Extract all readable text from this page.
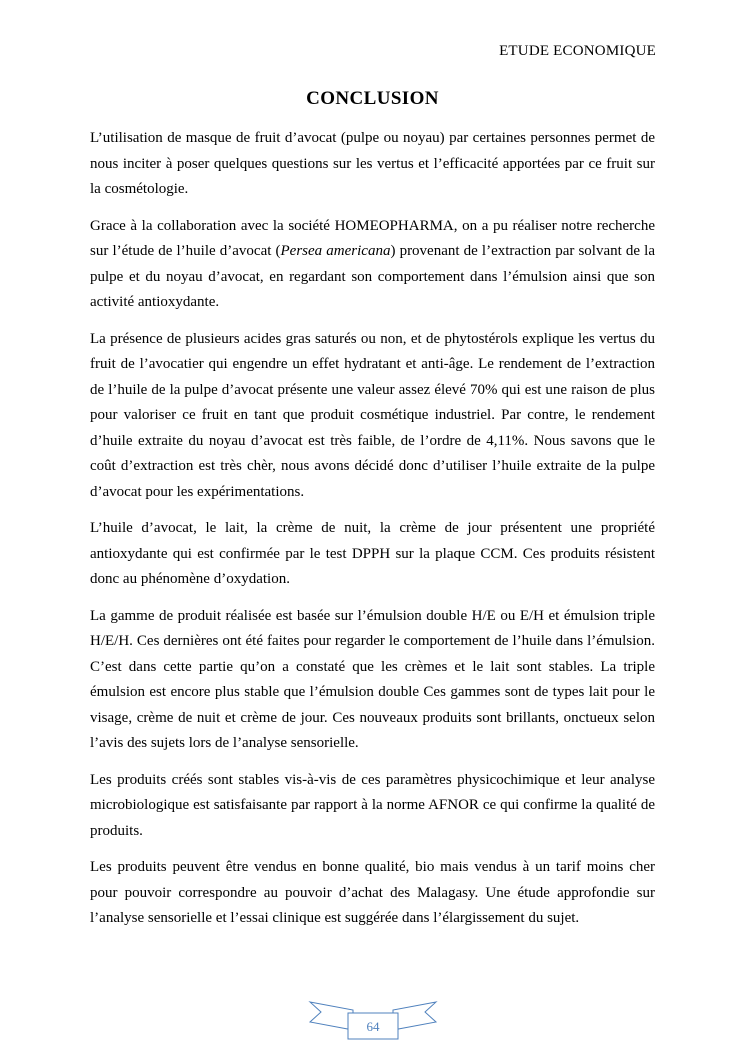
ETUDE ECONOMIQUE
CONCLUSION

L’utilisation de masque de fruit d’avocat (pulpe ou noyau) par certaines personnes permet de nous inciter à poser quelques questions sur les vertus et l’efficacité apportées par ce fruit sur la cosmétologie.

Grace à la collaboration avec la société HOMEOPHARMA, on a pu réaliser notre recherche sur l’étude de l’huile d’avocat (Persea americana) provenant de l’extraction par solvant de la pulpe et du noyau d’avocat, en regardant son comportement dans l’émulsion ainsi que son activité antioxydante.

La présence de plusieurs acides gras saturés ou non, et de phytostérols explique les vertus du fruit de l’avocatier qui engendre un effet hydratant et anti-âge. Le rendement de l’extraction de l’huile de la pulpe d’avocat présente une valeur assez élevé 70% qui est une raison de plus pour valoriser ce fruit en tant que produit cosmétique industriel. Par contre, le rendement d’huile extraite du noyau d’avocat est très faible, de l’ordre de 4,11%. Nous savons que le coût d’extraction est très chèr, nous avons décidé donc d’utiliser l’huile extraite de la pulpe d’avocat pour les expérimentations.

L’huile d’avocat, le lait, la crème de nuit, la crème de jour présentent une propriété antioxydante qui est confirmée par le test DPPH sur la plaque CCM. Ces produits résistent donc au phénomène d’oxydation.

La gamme de produit réalisée est basée sur l’émulsion double H/E ou E/H et émulsion triple H/E/H. Ces dernières ont été faites pour regarder le comportement de l’huile dans l’émulsion. C’est dans cette partie qu’on a constaté que les crèmes et le lait sont stables. La triple émulsion est encore plus stable que l’émulsion double Ces gammes sont de types lait pour le visage, crème de nuit et crème de jour. Ces nouveaux produits sont brillants, onctueux selon l’avis des sujets lors de l’analyse sensorielle.

Les produits créés sont stables vis-à-vis de ces paramètres physicochimique et leur analyse microbiologique est satisfaisante par rapport à la norme AFNOR ce qui confirme la qualité de produits.

Les produits peuvent être vendus en bonne qualité, bio mais vendus à un tarif moins cher pour pouvoir correspondre au pouvoir d’achat des Malagasy. Une étude approfondie sur l’analyse sensorielle et l’essai clinique est suggérée dans l’élargissement du sujet.

64
